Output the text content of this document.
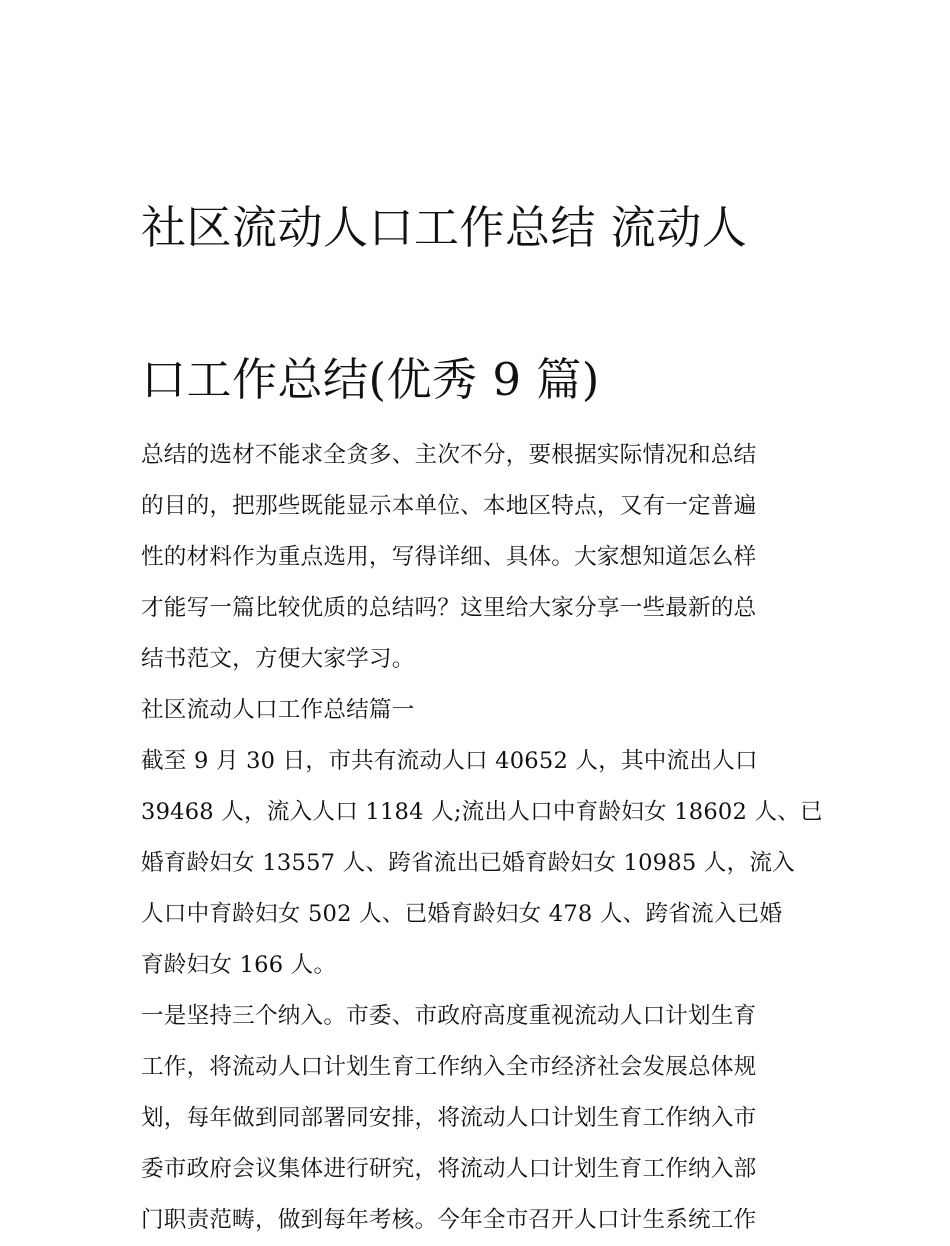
社区流动人口工作总结 流动人

口工作总结(优秀 9 篇)

总结的选材不能求全贪多、主次不分，要根据实际情况和总结
的目的，把那些既能显示本单位、本地区特点，又有一定普遍
性的材料作为重点选用，写得详细、具体。大家想知道怎么样
才能写一篇比较优质的总结吗？这里给大家分享一些最新的总
结书范文，方便大家学习。

社区流动人口工作总结篇一

截至 9 月 30 日，市共有流动人口 40652 人，其中流出人口
39468 人，流入人口 1184 人;流出人口中育龄妇女 18602 人、已
婚育龄妇女 13557 人、跨省流出已婚育龄妇女 10985 人，流入
人口中育龄妇女 502 人、已婚育龄妇女 478 人、跨省流入已婚
育龄妇女 166 人。

一是坚持三个纳入。市委、市政府高度重视流动人口计划生育
工作，将流动人口计划生育工作纳入全市经济社会发展总体规
划，每年做到同部署同安排，将流动人口计划生育工作纳入市
委市政府会议集体进行研究，将流动人口计划生育工作纳入部
门职责范畴，做到每年考核。今年全市召开人口计生系统工作
